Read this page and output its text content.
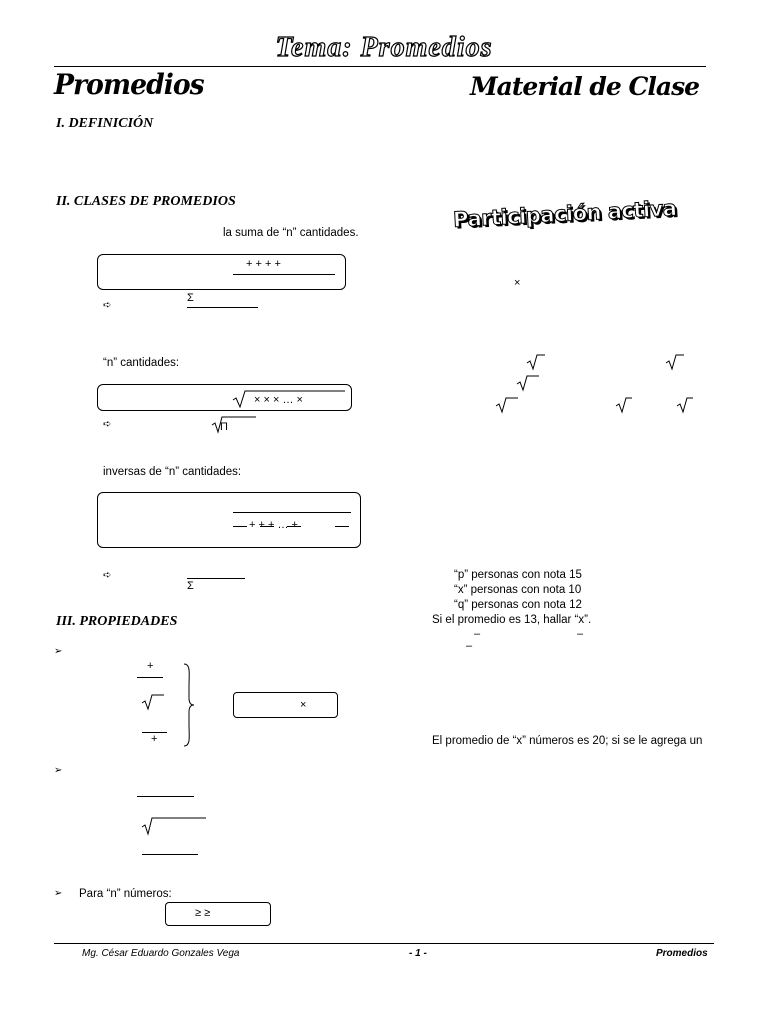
Tema: Promedios
Promedios	Material de Clase
I. DEFINICIÓN
II. CLASES DE PROMEDIOS
III. PROPIEDADES
la suma de “n” cantidades.
+ + + +
➪
Σ
“n” cantidades:
× × × … ×
➪	Π
inversas de “n” cantidades:
+ + + … +
➪
Σ
➢
+
+
×
➢
➢ Para “n” números:
≥ ≥
Participación activa
×
“p” personas con nota 15
“x” personas con nota 10
“q” personas con nota 12
Si el promedio es 13, hallar “x”.
–	–
–
El promedio de “x” números es 20; si se le agrega un
Mg. César Eduardo Gonzales Vega	- 1 -	Promedios
